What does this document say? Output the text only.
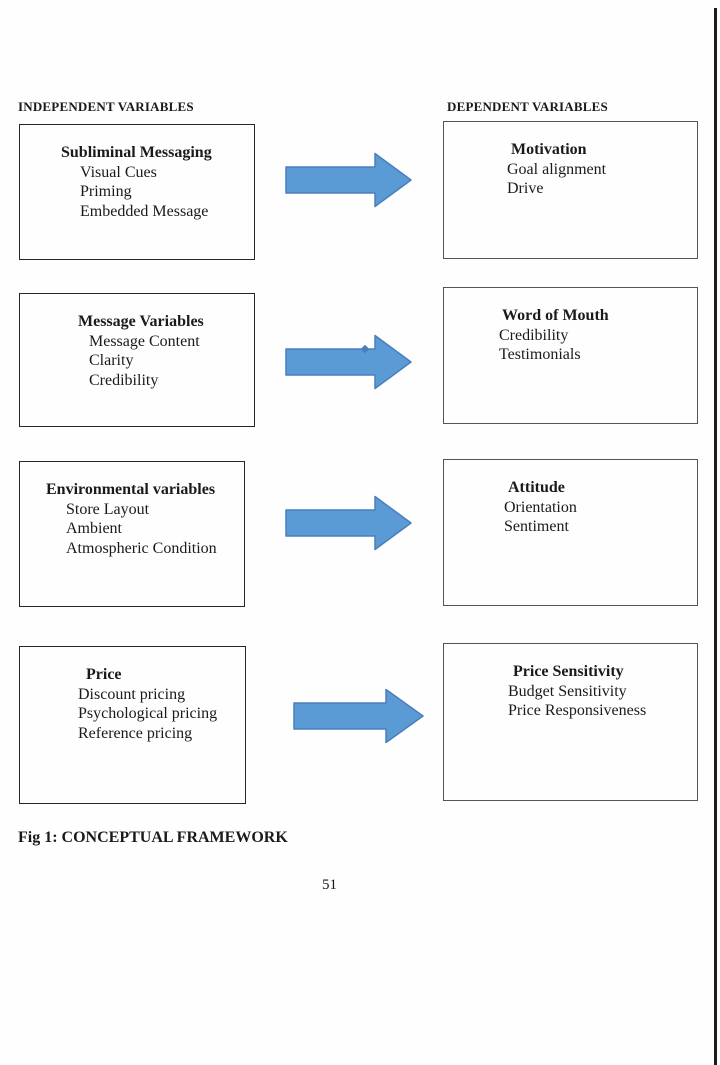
INDEPENDENT VARIABLES	DEPENDENT VARIABLES
Subliminal Messaging
Visual Cues
Priming
Embedded Message
Motivation
Goal alignment
Drive
Message Variables
Message Content
Clarity
Credibility
Word of Mouth
Credibility
Testimonials
Environmental variables
Store Layout
Ambient
Atmospheric Condition
Attitude
Orientation
Sentiment
Price
Discount pricing
Psychological pricing
Reference pricing
Price Sensitivity
Budget Sensitivity
Price Responsiveness
Fig 1: CONCEPTUAL FRAMEWORK
51
